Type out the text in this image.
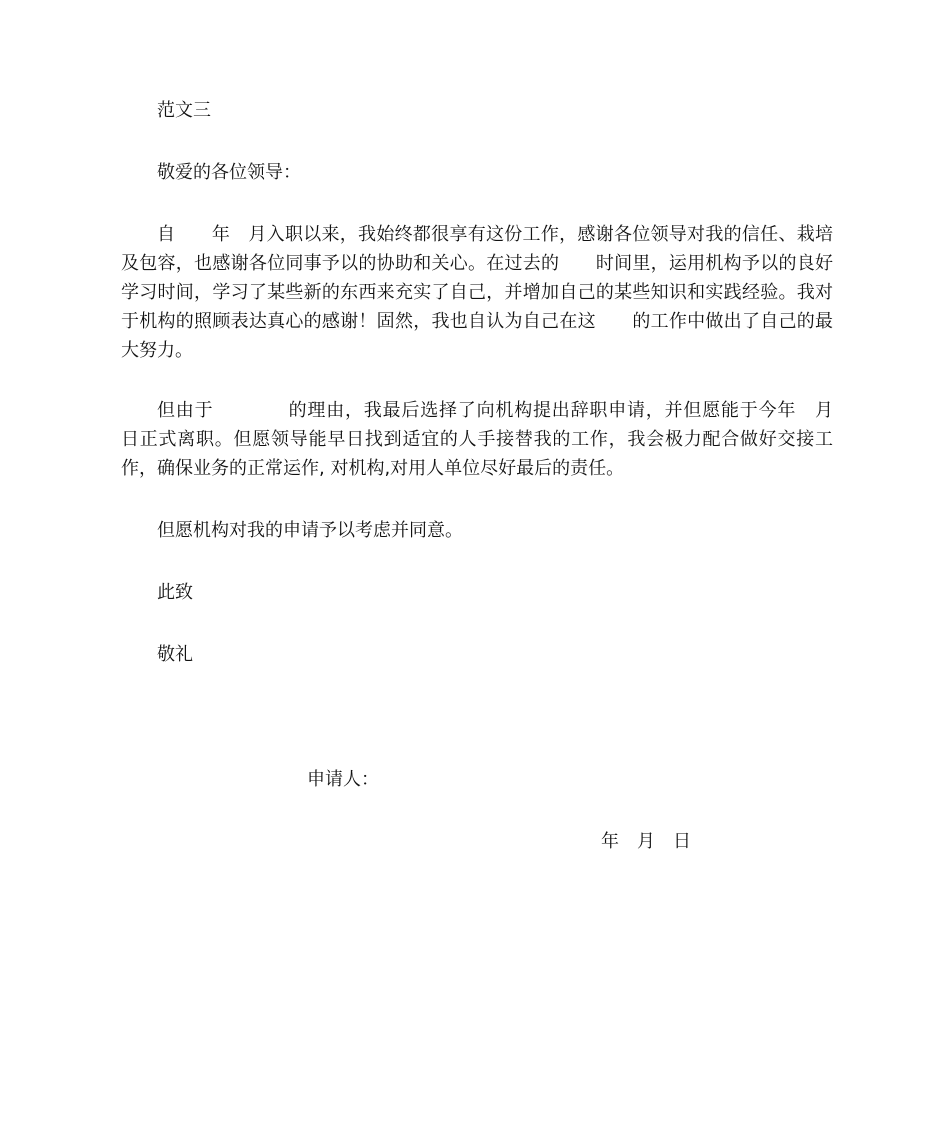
范文三
敬爱的各位领导：
自　　年　月入职以来，我始终都很享有这份工作，感谢各位领导对我的信任、栽培及包容，也感谢各位同事予以的协助和关心。在过去的　　时间里，运用机构予以的良好学习时间，学习了某些新的东西来充实了自己，并增加自己的某些知识和实践经验。我对于机构的照顾表达真心的感谢！固然，我也自认为自己在这　　的工作中做出了自己的最大努力。
但由于　　　　的理由，我最后选择了向机构提出辞职申请，并但愿能于今年　月　日正式离职。但愿领导能早日找到适宜的人手接替我的工作，我会极力配合做好交接工作，确保业务的正常运作, 对机构,对用人单位尽好最后的责任。
但愿机构对我的申请予以考虑并同意。
此致
敬礼
申请人：
年　月　日
